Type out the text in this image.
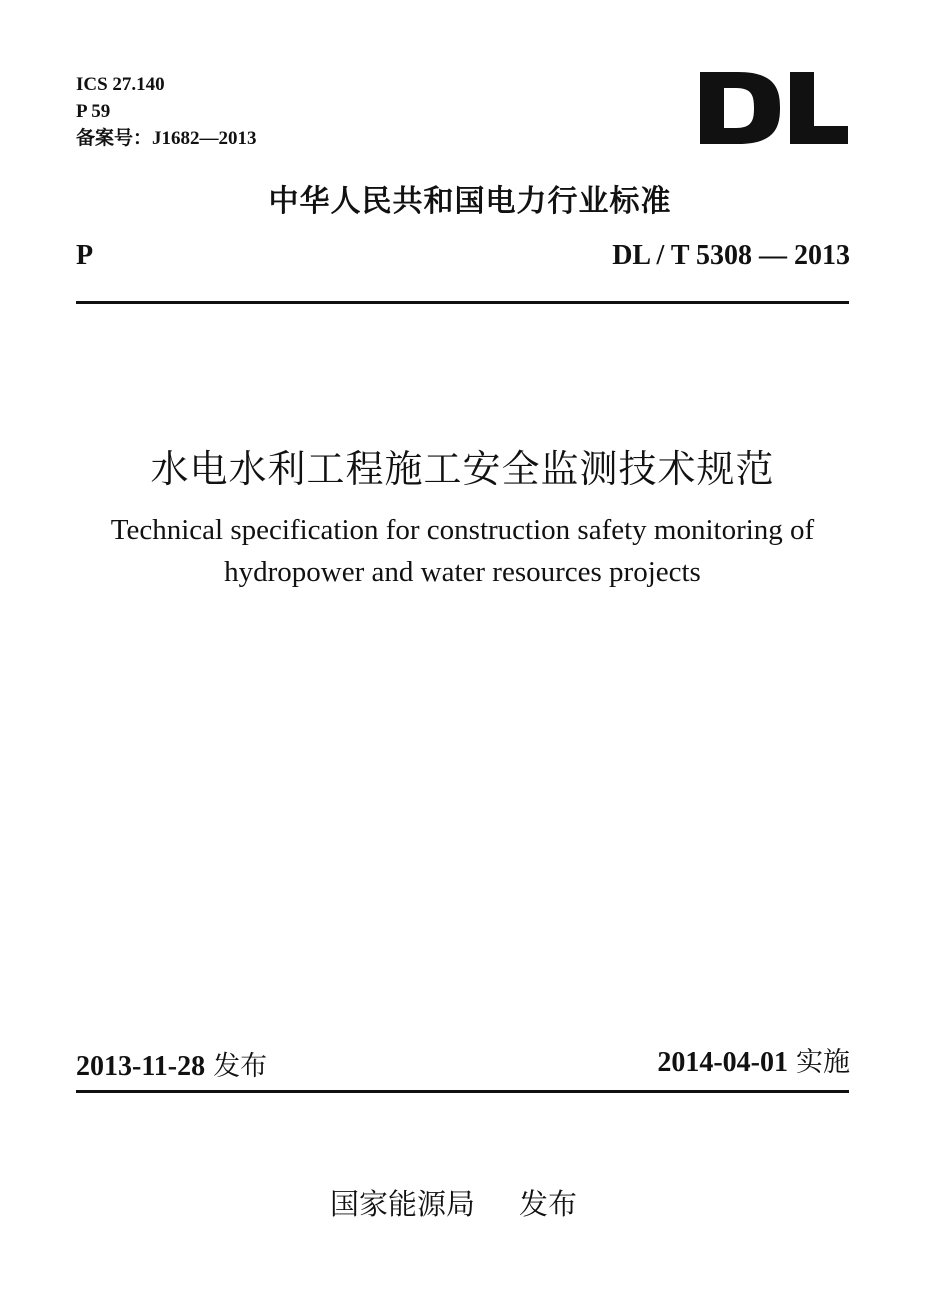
ICS 27.140
P 59
备案号：J1682—2013
中华人民共和国电力行业标准
P	DL / T 5308 — 2013
水电水利工程施工安全监测技术规范
Technical specification for construction safety monitoring of
hydropower and water resources projects
2013-11-28 发布	2014-04-01 实施
国家能源局 发布
